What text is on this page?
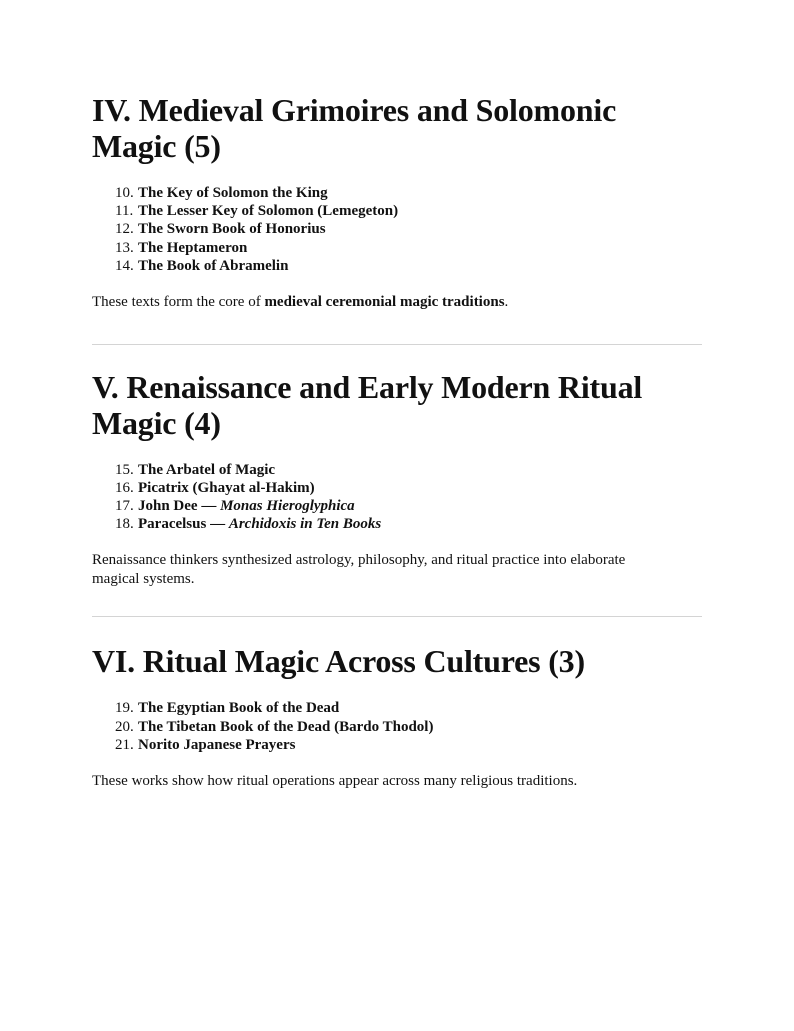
IV. Medieval Grimoires and Solomonic
Magic (5)
10. The Key of Solomon the King
11. The Lesser Key of Solomon (Lemegeton)
12. The Sworn Book of Honorius
13. The Heptameron
14. The Book of Abramelin

These texts form the core of medieval ceremonial magic traditions.

V. Renaissance and Early Modern Ritual
Magic (4)
15. The Arbatel of Magic
16. Picatrix (Ghayat al-Hakim)
17. John Dee — Monas Hieroglyphica
18. Paracelsus — Archidoxis in Ten Books

Renaissance thinkers synthesized astrology, philosophy, and ritual practice into elaborate
magical systems.

VI. Ritual Magic Across Cultures (3)
19. The Egyptian Book of the Dead
20. The Tibetan Book of the Dead (Bardo Thodol)
21. Norito Japanese Prayers

These works show how ritual operations appear across many religious traditions.
